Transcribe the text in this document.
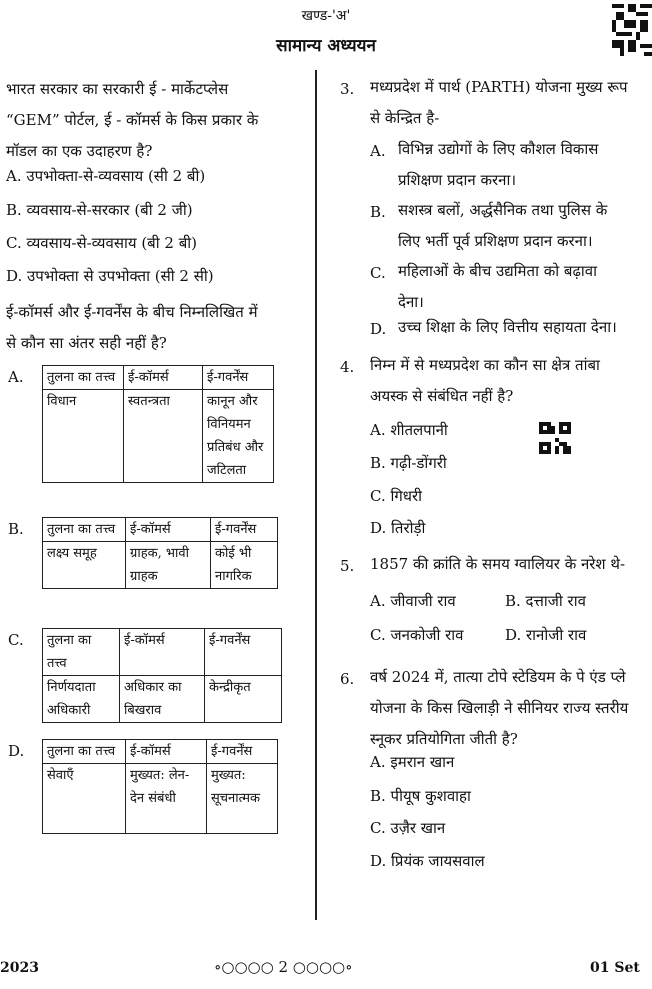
खण्ड-'अ'
सामान्य अध्ययन
भारत सरकार का सरकारी ई - मार्केटप्लेस
“GEM” पोर्टल, ई - कॉमर्स के किस प्रकार के
मॉडल का एक उदाहरण है?
A. उपभोक्ता-से-व्यवसाय (सी 2 बी)
B. व्यवसाय-से-सरकार (बी 2 जी)
C. व्यवसाय-से-व्यवसाय (बी 2 बी)
D. उपभोक्ता से उपभोक्ता (सी 2 सी)
ई-कॉमर्स और ई-गवर्नेंस के बीच निम्नलिखित में
से कौन सा अंतर सही नहीं है?
A. तुलना का तत्त्व	ई-कॉमर्स	ई-गवर्नेंस
विधान	स्वतन्त्रता	कानून और विनियमन प्रतिबंध और जटिलता
B. तुलना का तत्त्व	ई-कॉमर्स	ई-गवर्नेंस
लक्ष्य समूह	ग्राहक, भावी ग्राहक	कोई भी नागरिक
C. तुलना का तत्त्व	ई-कॉमर्स	ई-गवर्नेंस
निर्णयदाता अधिकारी	अधिकार का बिखराव	केन्द्रीकृत
D. तुलना का तत्त्व	ई-कॉमर्स	ई-गवर्नेंस
सेवाएँ	मुख्यत: लेन-देन संबंधी	मुख्यत: सूचनात्मक
3. मध्यप्रदेश में पार्थ (PARTH) योजना मुख्य रूप
से केन्द्रित है-
A. विभिन्न उद्योगों के लिए कौशल विकास
प्रशिक्षण प्रदान करना।
B. सशस्त्र बलों, अर्द्धसैनिक तथा पुलिस के
लिए भर्ती पूर्व प्रशिक्षण प्रदान करना।
C. महिलाओं के बीच उद्यमिता को बढ़ावा
देना।
D. उच्च शिक्षा के लिए वित्तीय सहायता देना।
4. निम्न में से मध्यप्रदेश का कौन सा क्षेत्र तांबा
अयस्क से संबंधित नहीं है?
A. शीतलपानी
B. गढ़ी-डोंगरी
C. गिधरी
D. तिरोड़ी
5. 1857 की क्रांति के समय ग्वालियर के नरेश थे-
A. जीवाजी राव	B. दत्ताजी राव
C. जनकोजी राव	D. रानोजी राव
6. वर्ष 2024 में, तात्या टोपे स्टेडियम के पे एंड प्ले
योजना के किस खिलाड़ी ने सीनियर राज्य स्तरीय
स्नूकर प्रतियोगिता जीती है?
A. इमरान खान
B. पीयूष कुशवाहा
C. उज़ैर खान
D. प्रियंक जायसवाल
2023	∘○○○○ 2 ○○○○∘	01 Set
